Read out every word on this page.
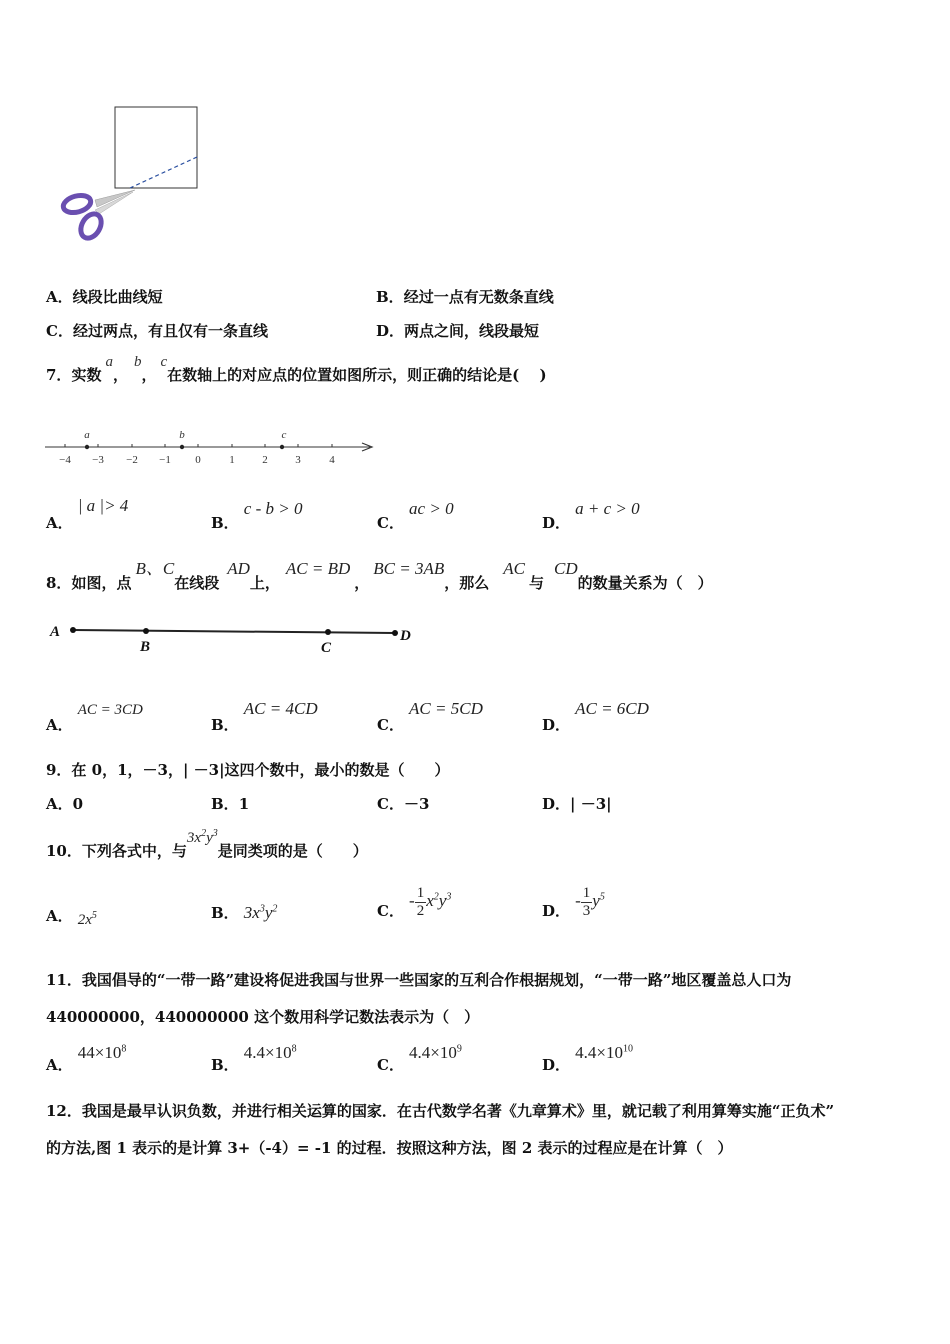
A．线段比曲线短	B．经过一点有无数条直线
C．经过两点，有且仅有一条直线	D．两点之间，线段最短
7． 实数
a
，
b
，
c
在数轴上的对应点的位置如图所示，则正确的结论是(　 )
−4 −3 −2 −1 0	1	2	3	4
a	b	c
A． | a |> 4
B． c - b > 0
C． ac > 0
D． a + c > 0
8． 如图，点
B、C
在线段
AD
上，
AC = BD
，
BC = 3AB
，那么
AC
与
CD
的数量关系为（　）
A
B	C
D
A． AC = 3CD
B． AC = 4CD
C． AC = 5CD
D． AC = 6CD
9．在 0，1，－3，| －3|这四个数中，最小的数是（　　）
A．0	B．1	C．－3	D．| －3|
10． 下列各式中，与
$3x^2y^3$
是同类项的是（　　）
A． $2x^5$	B． $3x^3y^2$	C． - $\frac{1}{2} x^2y^3$
D． - $\frac{1}{3} y^5$
11．我国倡导的“一带一路”建设将促进我国与世界一些国家的互利合作根据规划，“一带一路”地区覆盖总人口为
440000000，440000000 这个数用科学记数法表示为（　）
A． $44\times 10^8$
B． $4.4\times 10^8$
C． $4.4\times 10^9$
D． $4.4\times 10^{10}$
12．我国是最早认识负数，并进行相关运算的国家．在古代数学名著《九章算术》里，就记载了利用算筹实施“正负术”
的方法,图 1 表示的是计算 3+（-4）= -1 的过程．按照这种方法，图 2 表示的过程应是在计算（　）
